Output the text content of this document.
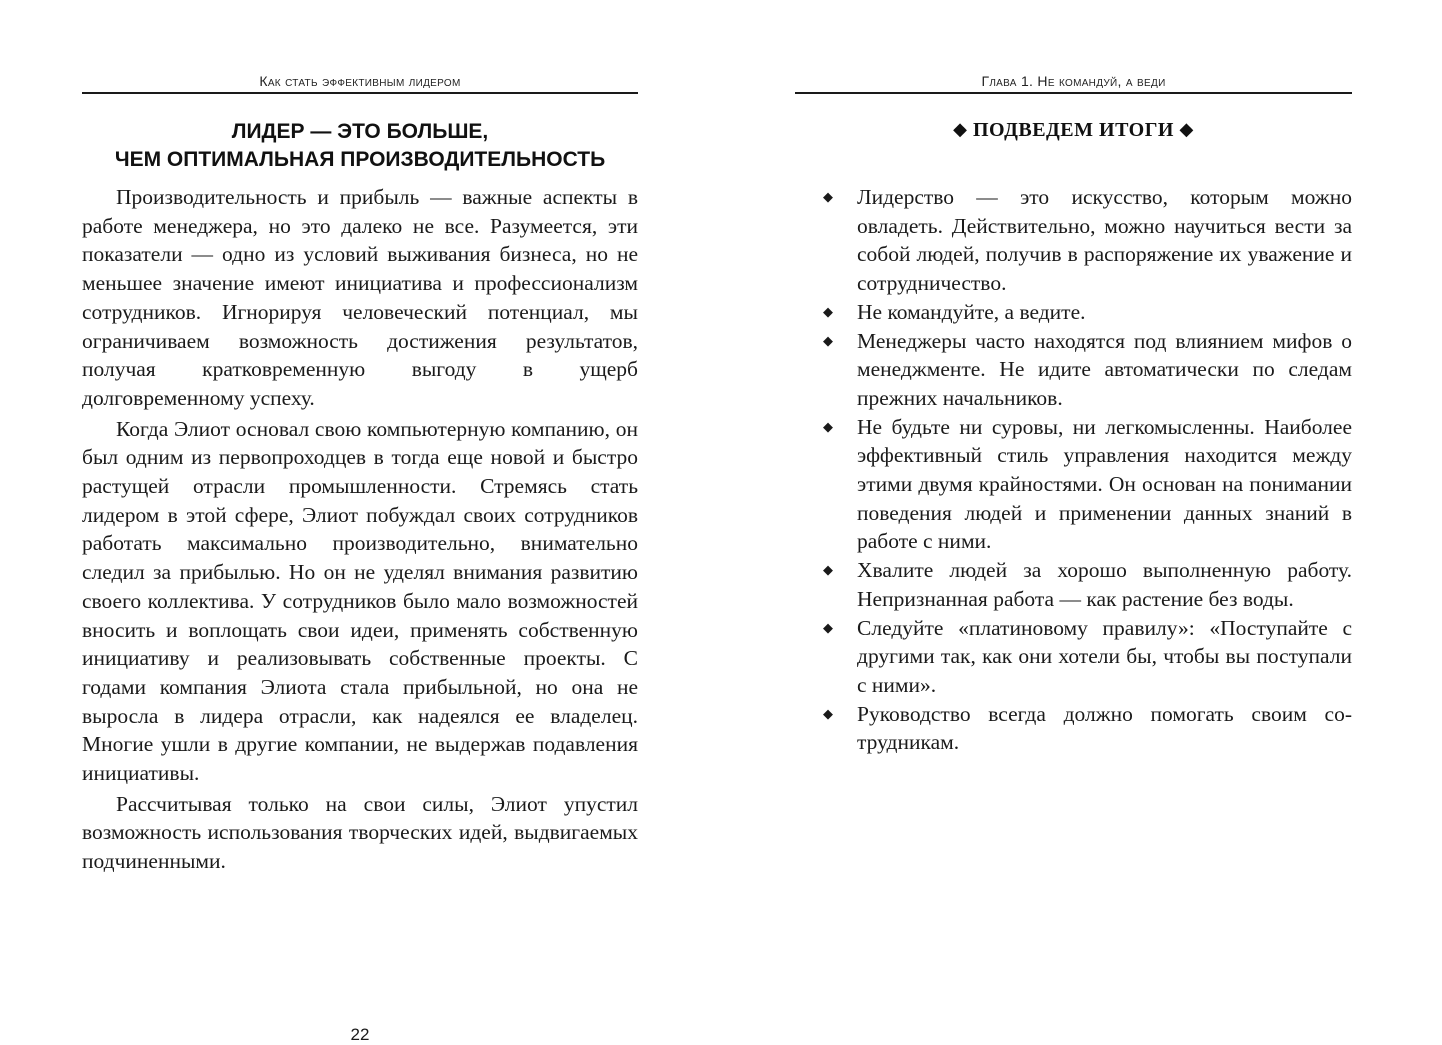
Как стать эффективным лидером
ЛИДЕР — ЭТО БОЛЬШЕ,
ЧЕМ ОПТИМАЛЬНАЯ ПРОИЗВОДИТЕЛЬНОСТЬ

Производительность и прибыль — важные аспекты в работе менеджера, но это далеко не все. Разумеется, эти показатели — одно из условий выживания бизнеса, но не меньшее значение имеют инициатива и профессионализм сотрудников. Игнорируя человеческий потенциал, мы ограничиваем возможность достижения результатов, получая кратковременную выгоду в ущерб долговременному успеху.

Когда Элиот основал свою компьютерную компанию, он был одним из первопроходцев в тогда еще новой и быстро растущей отрасли промышленности. Стремясь стать лидером в этой сфере, Элиот побуждал своих сотрудников работать максимально производительно, внимательно следил за прибылью. Но он не уделял внимания развитию своего коллектива. У сотрудников было мало возможностей вносить и воплощать свои идеи, применять собственную инициативу и реализовывать собственные проекты. С годами компания Элиота стала прибыльной, но она не выросла в лидера отрасли, как надеялся ее владелец. Многие ушли в другие компании, не выдержав подавления инициативы.

Рассчитывая только на свои силы, Элиот упустил возможность использования творческих идей, выдвигаемых подчиненными.

22
Глава 1. Не командуй, а веди
◆ ПОДВЕДЕМ ИТОГИ ◆
◆ Лидерство — это искусство, которым можно овладеть. Действительно, можно научиться вести за собой людей, получив в распоряжение их уважение и сотрудничество.
◆ Не командуйте, а ведите.
◆ Менеджеры часто находятся под влиянием мифов о менеджменте. Не идите автоматически по следам прежних начальников.
◆ Не будьте ни суровы, ни легкомысленны. Наиболее эффективный стиль управления находится между этими двумя крайностями. Он основан на понимании поведения людей и применении данных знаний в работе с ними.
◆ Хвалите людей за хорошо выполненную работу. Непризнанная работа — как растение без воды.
◆ Следуйте «платиновому правилу»: «Поступайте с другими так, как они хотели бы, чтобы вы поступали с ними».
◆ Руководство всегда должно помогать своим сотрудникам.
